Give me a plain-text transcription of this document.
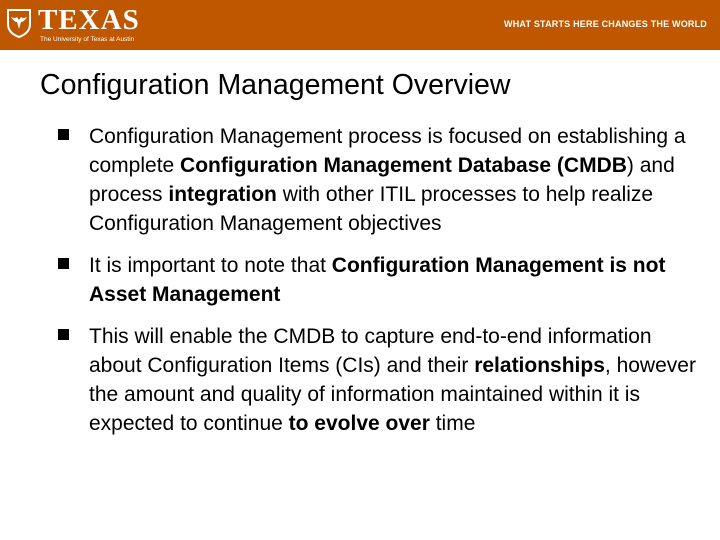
TEXAS
The University of Texas at Austin
WHAT STARTS HERE CHANGES THE WORLD
Configuration Management Overview
Configuration Management process is focused on establishing a complete Configuration Management Database (CMDB) and process integration with other ITIL processes to help realize Configuration Management objectives
It is important to note that Configuration Management is not Asset Management
This will enable the CMDB to capture end-to-end information about Configuration Items (CIs) and their relationships, however the amount and quality of information maintained within it is expected to continue to evolve over time
